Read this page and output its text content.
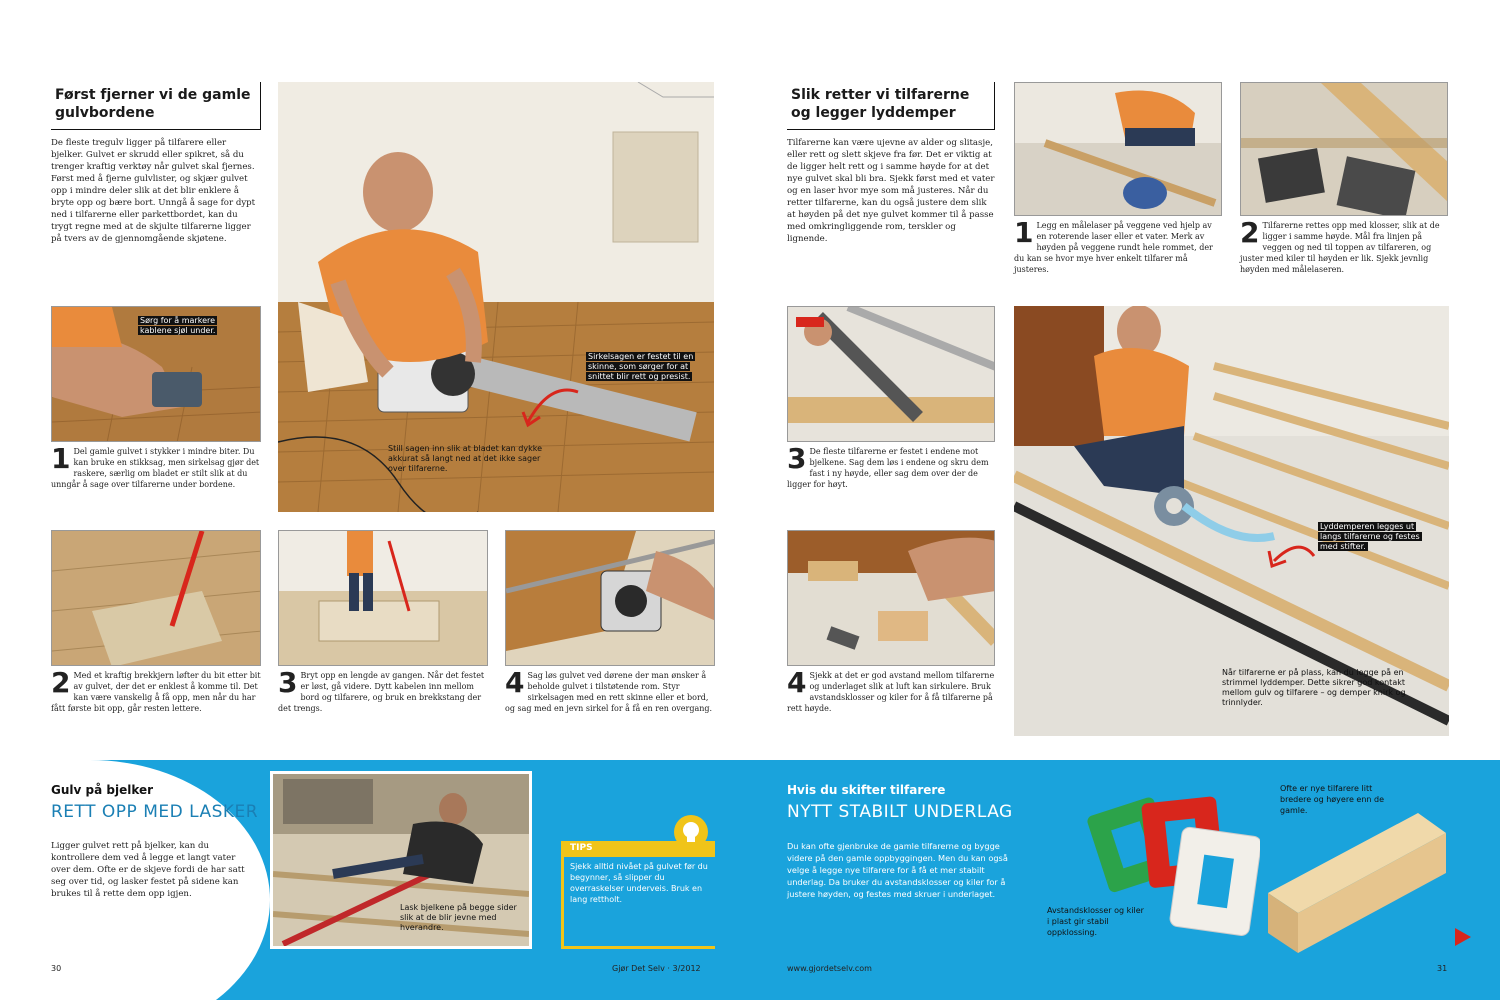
Først fjerner vi de gamle gulvbordene
De fleste tregulv ligger på tilfarere eller bjelker. Gulvet er skrudd eller spikret, så du trenger kraftig verktøy når gulvet skal fjernes. Først med å fjerne gulvlister, og skjær gulvet opp i mindre deler slik at det blir enklere å bryte opp og bære bort. Unngå å sage for dypt ned i tilfarerne eller parkettbordet, kan du trygt regne med at de skjulte tilfarerne ligger på tvers av de gjennomgående skjøtene.
Sirkelsagen er festet til en skinne, som sørger for at snittet blir rett og presist.
Still sagen inn slik at bladet kan dykke akkurat så langt ned at det ikke sager over tilfarerne.
Sørg for å markere kablene sjøl under.
1 Del gamle gulvet i stykker i mindre biter. Du kan bruke en stikksag, men sirkelsag gjør det raskere, særlig om bladet er stilt slik at du unngår å sage over tilfarerne under bordene.
2 Med et kraftig brekkjern løfter du bit etter bit av gulvet, der det er enklest å komme til. Det kan være vanskelig å få opp, men når du har fått første bit opp, går resten lettere.
3 Bryt opp en lengde av gangen. Når det festet er løst, gå videre. Dytt kabelen inn mellom bord og tilfarere, og bruk en brekkstang der det trengs.
4 Sag løs gulvet ved dørene der man ønsker å beholde gulvet i tilstøtende rom. Styr sirkelsagen med en rett skinne eller et bord, og sag med en jevn sirkel for å få en ren overgang.
Slik retter vi tilfarerne og legger lyddemper
Tilfarerne kan være ujevne av alder og slitasje, eller rett og slett skjeve fra før. Det er viktig at de ligger helt rett og i samme høyde for at det nye gulvet skal bli bra. Sjekk først med et vater og en laser hvor mye som må justeres. Når du retter tilfarerne, kan du også justere dem slik at høyden på det nye gulvet kommer til å passe med omkringliggende rom, terskler og lignende.	1 Legg en målelaser på veggene ved hjelp av en roterende laser eller et vater. Merk av høyden på veggene rundt hele rommet, der du kan se hvor mye hver enkelt tilfarer må justeres.
2 Tilfarerne rettes opp med klosser, slik at de ligger i samme høyde. Mål fra linjen på veggen og ned til toppen av tilfareren, og juster med kiler til høyden er lik. Sjekk jevnlig høyden med målelaseren.
3 De fleste tilfarerne er festet i endene mot bjelkene. Sag dem løs i endene og skru dem fast i ny høyde, eller sag dem over der de ligger for høyt.
4 Sjekk at det er god avstand mellom tilfarerne og underlaget slik at luft kan sirkulere. Bruk avstandsklosser og kiler for å få tilfarerne på rett høyde.
Lyddemperen legges ut langs tilfarerne og festes med stifter.
Når tilfarerne er på plass, kan du legge på en strimmel lyddemper. Dette sikrer god kontakt mellom gulv og tilfarere – og demper knirk og trinnlyder.
Gulv på bjelker
RETT OPP MED LASKER
Ligger gulvet rett på bjelker, kan du kontrollere dem ved å legge et langt vater over dem. Ofte er de skjeve fordi de har satt seg over tid, og lasker festet på sidene kan brukes til å rette dem opp igjen.
Lask bjelkene på begge sider slik at de blir jevne med hverandre.
TIPS
Sjekk alltid nivået på gulvet før du begynner, så slipper du overraskelser underveis. Bruk en lang rettholt.
Hvis du skifter tilfarere
NYTT STABILT UNDERLAG
Du kan ofte gjenbruke de gamle tilfarerne og bygge videre på den gamle oppbyggingen. Men du kan også velge å legge nye tilfarere for å få et mer stabilt underlag. Da bruker du avstandsklosser og kiler for å justere høyden, og festes med skruer i underlaget.
Avstandsklosser og kiler i plast gir stabil oppklossing.
Ofte er nye tilfarere litt bredere og høyere enn de gamle.
30	Gjør Det Selv · 3/2012	www.gjordetselv.com	31
